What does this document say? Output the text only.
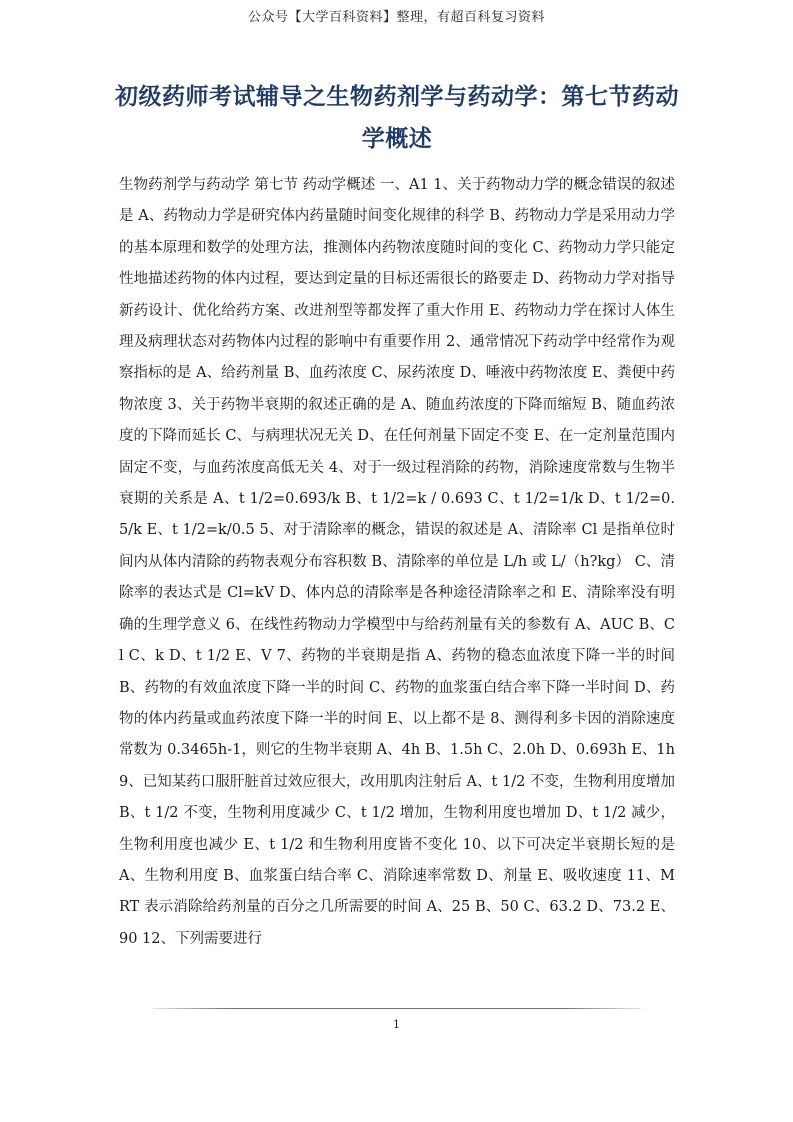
公众号【大学百科资料】整理，有超百科复习资料
初级药师考试辅导之生物药剂学与药动学：第七节药动学概述
生物药剂学与药动学 第七节 药动学概述 一、A1 1、关于药物动力学的概念错误的叙述是 A、药物动力学是研究体内药量随时间变化规律的科学 B、药物动力学是采用动力学的基本原理和数学的处理方法，推测体内药物浓度随时间的变化 C、药物动力学只能定性地描述药物的体内过程，要达到定量的目标还需很长的路要走 D、药物动力学对指导新药设计、优化给药方案、改进剂型等都发挥了重大作用 E、药物动力学在探讨人体生理及病理状态对药物体内过程的影响中有重要作用 2、通常情况下药动学中经常作为观察指标的是 A、给药剂量 B、血药浓度 C、尿药浓度 D、唾液中药物浓度 E、粪便中药物浓度 3、关于药物半衰期的叙述正确的是 A、随血药浓度的下降而缩短 B、随血药浓度的下降而延长 C、与病理状况无关 D、在任何剂量下固定不变 E、在一定剂量范围内固定不变，与血药浓度高低无关 4、对于一级过程消除的药物，消除速度常数与生物半衰期的关系是 A、t 1/2=0.693/k B、t 1/2=k / 0.693 C、t 1/2=1/k D、t 1/2=0.5/k E、t 1/2=k/0.5 5、对于清除率的概念，错误的叙述是 A、清除率 Cl 是指单位时间内从体内清除的药物表观分布容积数 B、清除率的单位是 L/h 或 L/（h?kg） C、清除率的表达式是 Cl=kV D、体内总的清除率是各种途径清除率之和 E、清除率没有明确的生理学意义 6、在线性药物动力学模型中与给药剂量有关的参数有 A、AUC B、Cl C、k D、t 1/2 E、V 7、药物的半衰期是指 A、药物的稳态血浓度下降一半的时间 B、药物的有效血浓度下降一半的时间 C、药物的血浆蛋白结合率下降一半时间 D、药物的体内药量或血药浓度下降一半的时间 E、以上都不是 8、测得利多卡因的消除速度常数为 0.3465h-1，则它的生物半衰期 A、4h B、1.5h C、2.0h D、0.693h E、1h 9、已知某药口服肝脏首过效应很大，改用肌肉注射后 A、t 1/2 不变，生物利用度增加 B、t 1/2 不变，生物利用度减少 C、t 1/2 增加，生物利用度也增加 D、t 1/2 减少，生物利用度也减少 E、t 1/2 和生物利用度皆不变化 10、以下可决定半衰期长短的是 A、生物利用度 B、血浆蛋白结合率 C、消除速率常数 D、剂量 E、吸收速度 11、MRT 表示消除给药剂量的百分之几所需要的时间 A、25 B、50 C、63.2 D、73.2 E、90 12、下列需要进行
1
